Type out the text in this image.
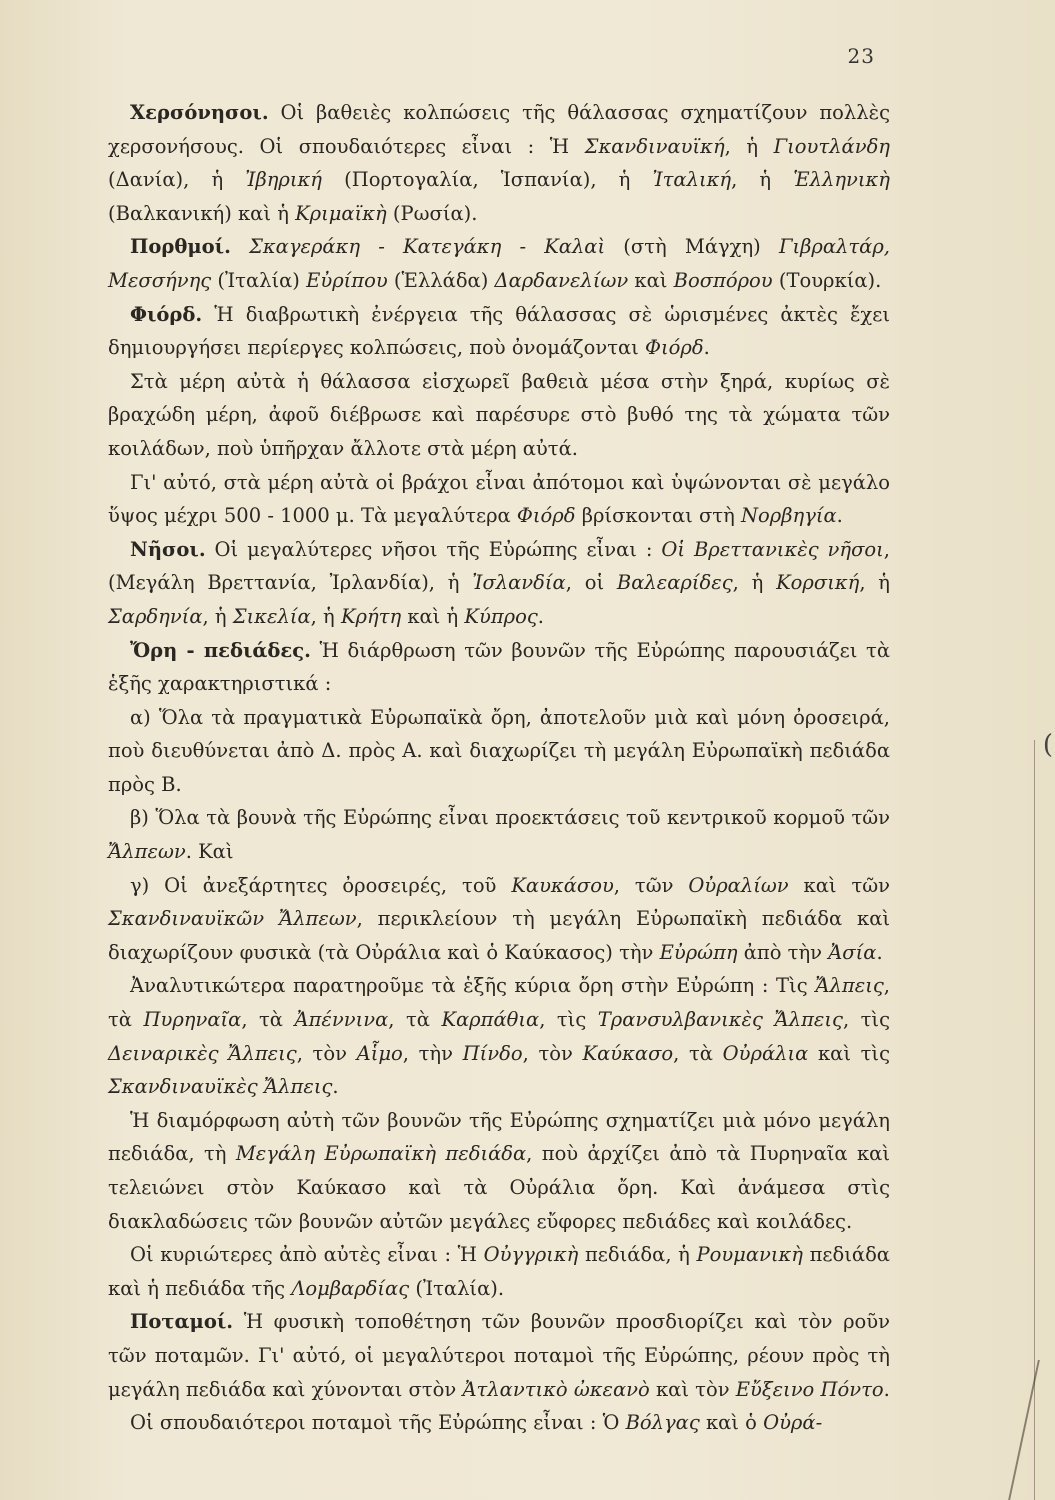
23

Χερσόνησοι. Οἱ βαθειὲς κολπώσεις τῆς θάλασσας σχηματίζουν πολλὲς χερσονήσους. Οἱ σπουδαιότερες εἶναι : Ἡ Σκανδιναυϊκή, ἡ Γιουτλάνδη (Δανία), ἡ Ἰβηρική (Πορτογαλία, Ἱσπανία), ἡ Ἰταλική, ἡ Ἑλληνικὴ (Βαλκανική) καὶ ἡ Κριμαϊκὴ (Ρωσία).

Πορθμοί. Σκαγεράκη - Κατεγάκη - Καλαὶ (στὴ Μάγχη) Γιβραλτάρ, Μεσσήνης (Ἰταλία) Εὐρίπου (Ἑλλάδα) Δαρδανελίων καὶ Βοσπόρου (Τουρκία).

Φιόρδ. Ἡ διαβρωτικὴ ἐνέργεια τῆς θάλασσας σὲ ὡρισμένες ἀκτὲς ἔχει δημιουργήσει περίεργες κολπώσεις, ποὺ ὀνομάζονται Φιόρδ.

Στὰ μέρη αὐτὰ ἡ θάλασσα εἰσχωρεῖ βαθειὰ μέσα στὴν ξηρά, κυρίως σὲ βραχώδη μέρη, ἀφοῦ διέβρωσε καὶ παρέσυρε στὸ βυθό της τὰ χώματα τῶν κοιλάδων, ποὺ ὑπῆρχαν ἄλλοτε στὰ μέρη αὐτά.

Γι' αὐτό, στὰ μέρη αὐτὰ οἱ βράχοι εἶναι ἀπότομοι καὶ ὑψώνονται σὲ μεγάλο ὕψος μέχρι 500 - 1000 μ. Τὰ μεγαλύτερα Φιόρδ βρίσκονται στὴ Νορβηγία.

Νῆσοι. Οἱ μεγαλύτερες νῆσοι τῆς Εὐρώπης εἶναι : Οἱ Βρεττανικὲς νῆσοι, (Μεγάλη Βρεττανία, Ἰρλανδία), ἡ Ἰσλανδία, οἱ Βαλεαρίδες, ἡ Κορσική, ἡ Σαρδηνία, ἡ Σικελία, ἡ Κρήτη καὶ ἡ Κύπρος.

Ὄρη - πεδιάδες. Ἡ διάρθρωση τῶν βουνῶν τῆς Εὐρώπης παρουσιάζει τὰ ἑξῆς χαρακτηριστικά :

α) Ὅλα τὰ πραγματικὰ Εὐρωπαϊκὰ ὄρη, ἀποτελοῦν μιὰ καὶ μόνη ὀροσειρά, ποὺ διευθύνεται ἀπὸ Δ. πρὸς Α. καὶ διαχωρίζει τὴ μεγάλη Εὐρωπαϊκὴ πεδιάδα πρὸς Β.

β) Ὅλα τὰ βουνὰ τῆς Εὐρώπης εἶναι προεκτάσεις τοῦ κεντρικοῦ κορμοῦ τῶν Ἄλπεων. Καὶ

γ) Οἱ ἀνεξάρτητες ὀροσειρές, τοῦ Καυκάσου, τῶν Οὐραλίων καὶ τῶν Σκανδιναυϊκῶν Ἄλπεων, περικλείουν τὴ μεγάλη Εὐρωπαϊκὴ πεδιάδα καὶ διαχωρίζουν φυσικὰ (τὰ Οὐράλια καὶ ὁ Καύκασος) τὴν Εὐρώπη ἀπὸ τὴν Ἀσία.

Ἀναλυτικώτερα παρατηροῦμε τὰ ἑξῆς κύρια ὄρη στὴν Εὐρώπη : Τὶς Ἄλπεις, τὰ Πυρηναῖα, τὰ Ἀπέννινα, τὰ Καρπάθια, τὶς Τρανσυλβανικὲς Ἄλπεις, τὶς Δειναρικὲς Ἄλπεις, τὸν Αἷμο, τὴν Πίνδο, τὸν Καύκασο, τὰ Οὐράλια καὶ τὶς Σκανδιναυϊκὲς Ἄλπεις.

Ἡ διαμόρφωση αὐτὴ τῶν βουνῶν τῆς Εὐρώπης σχηματίζει μιὰ μόνο μεγάλη πεδιάδα, τὴ Μεγάλη Εὐρωπαϊκὴ πεδιάδα, ποὺ ἀρχίζει ἀπὸ τὰ Πυρηναῖα καὶ τελειώνει στὸν Καύκασο καὶ τὰ Οὐράλια ὄρη. Καὶ ἀνάμεσα στὶς διακλαδώσεις τῶν βουνῶν αὐτῶν μεγάλες εὔφορες πεδιάδες καὶ κοιλάδες.

Οἱ κυριώτερες ἀπὸ αὐτὲς εἶναι : Ἡ Οὐγγρικὴ πεδιάδα, ἡ Ρουμανικὴ πεδιάδα καὶ ἡ πεδιάδα τῆς Λομβαρδίας (Ἰταλία).

Ποταμοί. Ἡ φυσικὴ τοποθέτηση τῶν βουνῶν προσδιορίζει καὶ τὸν ροῦν τῶν ποταμῶν. Γι' αὐτό, οἱ μεγαλύτεροι ποταμοὶ τῆς Εὐρώπης, ρέουν πρὸς τὴ μεγάλη πεδιάδα καὶ χύνονται στὸν Ἀτλαντικὸ ὠκεανὸ καὶ τὸν Εὔξεινο Πόντο.

Οἱ σπουδαιότεροι ποταμοὶ τῆς Εὐρώπης εἶναι : Ὁ Βόλγας καὶ ὁ Οὐρά-

(
